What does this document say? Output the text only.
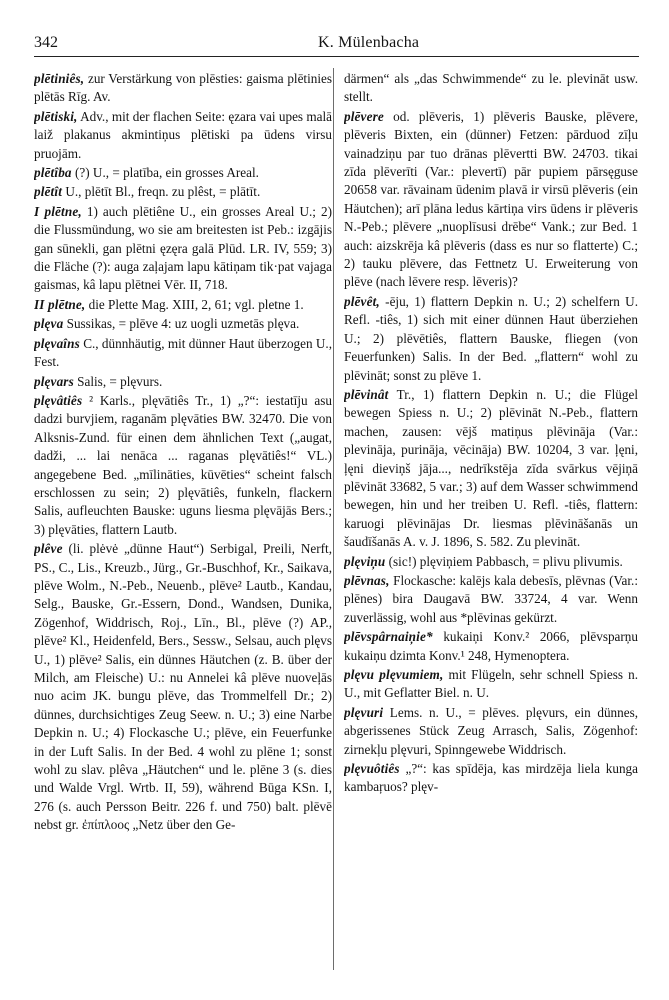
342	K. Mülenbacha

plētiniês, zur Verstärkung von plēsties: gaisma plētinies plētās Rīg. Av.

plētiski, Adv., mit der flachen Seite: ęzara vai upes malā laiž plakanus akmintiņus plētiski pa ūdens virsu pruojām.

plētîba (?) U., = platība, ein grosses Areal.

plētît U., plētīt Bl., freqn. zu plêst, = plātīt.

I plētne, 1) auch plētiêne U., ein grosses Areal U.; 2) die Flussmündung, wo sie am breitesten ist Peb.: izgājis gan sūnekli, gan plētni ęzęra galā Plūd. LR. IV, 559; 3) die Fläche (?): auga zaļajam lapu kātiņam tik·pat vajaga gaismas, kâ lapu plētnei Vēr. II, 718.

II plētne, die Plette Mag. XIII, 2, 61; vgl. pletne 1.

plęva Sussikas, = plēve 4: uz uogli uzmetās plęva.

plęvaîns C., dünnhäutig, mit dünner Haut überzogen U., Fest.

plęvars Salis, = plęvurs.

plęvâtiês ² Karls., plęvātiês Tr., 1) „?“: iestatīju asu dadzi burvjiem, raganām plęvāties BW. 32470. Die von Alksnis-Zund. für einen dem ähnlichen Text („augat, dadži, ... lai nenāca ... raganas plęvātiês!“ VL.) angegebene Bed. „mīlināties, kūvēties“ scheint falsch erschlossen zu sein; 2) plęvātiês, funkeln, flackern Salis, aufleuchten Bauske: uguns liesma plęvājās Bers.; 3) plęvāties, flattern Lautb.

plêve (li. plėvė „dünne Haut“) Serbigal, Preili, Nerft, PS., C., Lis., Kreuzb., Jürg., Gr.-Buschhof, Kr., Saikava, plēve Wolm., N.-Peb., Neuenb., plēve² Lautb., Kandau, Selg., Bauske, Gr.-Essern, Dond., Wandsen, Dunika, Zögenhof, Widdrisch, Roj., Līn., Bl., plēve (?) AP., plēve² Kl., Heidenfeld, Bers., Sessw., Selsau, auch plęvs U., 1) plēve² Salis, ein dünnes Häutchen (z. B. über der Milch, am Fleische) U.: nu Annelei kâ plēve nuoveļās nuo acim JK. bungu plēve, das Trommelfell Dr.; 2) dünnes, durchsichtiges Zeug Seew. n. U.; 3) eine Narbe Depkin n. U.; 4) Flockasche U.; plēve, ein Feuerfunke in der Luft Salis. In der Bed. 4 wohl zu plēne 1; sonst wohl zu slav. plêva „Häutchen“ und le. plēne 3 (s. dies und Walde Vrgl. Wrtb. II, 59), während Būga KSn. I, 276 (s. auch Persson Beitr. 226 f. und 750) balt. plēvē nebst gr. ἐπίπλοος „Netz über den Ge-

därmen“ als „das Schwimmende“ zu le. plevināt usw. stellt.

plēvere od. plēveris, 1) plēveris Bauske, plēvere, plēveris Bixten, ein (dünner) Fetzen: pārduod zīļu vainadziņu par tuo drānas plēvertti BW. 24703. tikai zīda plēverīti (Var.: plevertī) pār pupiem pārsęguse 20658 var. rāvainam ūdenim plavā ir virsū plēveris (ein Häutchen); arī plāna ledus kārtiņa virs ūdens ir plēveris N.-Peb.; plēvere „nuoplīsusi drēbe“ Vank.; zur Bed. 1 auch: aizskrēja kâ plēveris (dass es nur so flatterte) C.; 2) tauku plēvere, das Fettnetz U. Erweiterung von plēve (nach lēvere resp. lēveris)?

plēvêt, -ēju, 1) flattern Depkin n. U.; 2) schelfern U. Refl. -tiês, 1) sich mit einer dünnen Haut überziehen U.; 2) plēvētiês, flattern Bauske, fliegen (von Feuerfunken) Salis. In der Bed. „flattern“ wohl zu plēvināt; sonst zu plēve 1.

plēvinât Tr., 1) flattern Depkin n. U.; die Flügel bewegen Spiess n. U.; 2) plēvināt N.-Peb., flattern machen, zausen: vējš matiņus plēvināja (Var.: plevināja, purināja, vēcināja) BW. 10204, 3 var. ļęni, ļęni dieviņš jāja..., nedrīkstēja zīda svārkus vējiņā plēvināt 33682, 5 var.; 3) auf dem Wasser schwimmend bewegen, hin und her treiben U. Refl. -tiês, flattern: karuogi plēvinājas Dr. liesmas plēvināšanās un šaudīšanās A. v. J. 1896, S. 582. Zu plevināt.

plęviņu (sic!) plęviņiem Pabbasch, = plivu plivumis.

plēvnas, Flockasche: kalējs kala debesīs, plēvnas (Var.: plēnes) bira Daugavā BW. 33724, 4 var. Wenn zuverlässig, wohl aus *plēvinas gekürzt.

plēvspârnaiņie* kukaiņi Konv.² 2066, plēvsparņu kukaiņu dzimta Konv.¹ 248, Hymenoptera.

plęvu plęvumiem, mit Flügeln, sehr schnell Spiess n. U., mit Geflatter Biel. n. U.

plęvuri Lems. n. U., = plēves. plęvurs, ein dünnes, abgerissenes Stück Zeug Arrasch, Salis, Zögenhof: zirnekļu plęvuri, Spinngewebe Widdrisch.

plęvuôtiês „?“: kas spīdēja, kas mirdzēja liela kunga kambaŗuos? plęv-
